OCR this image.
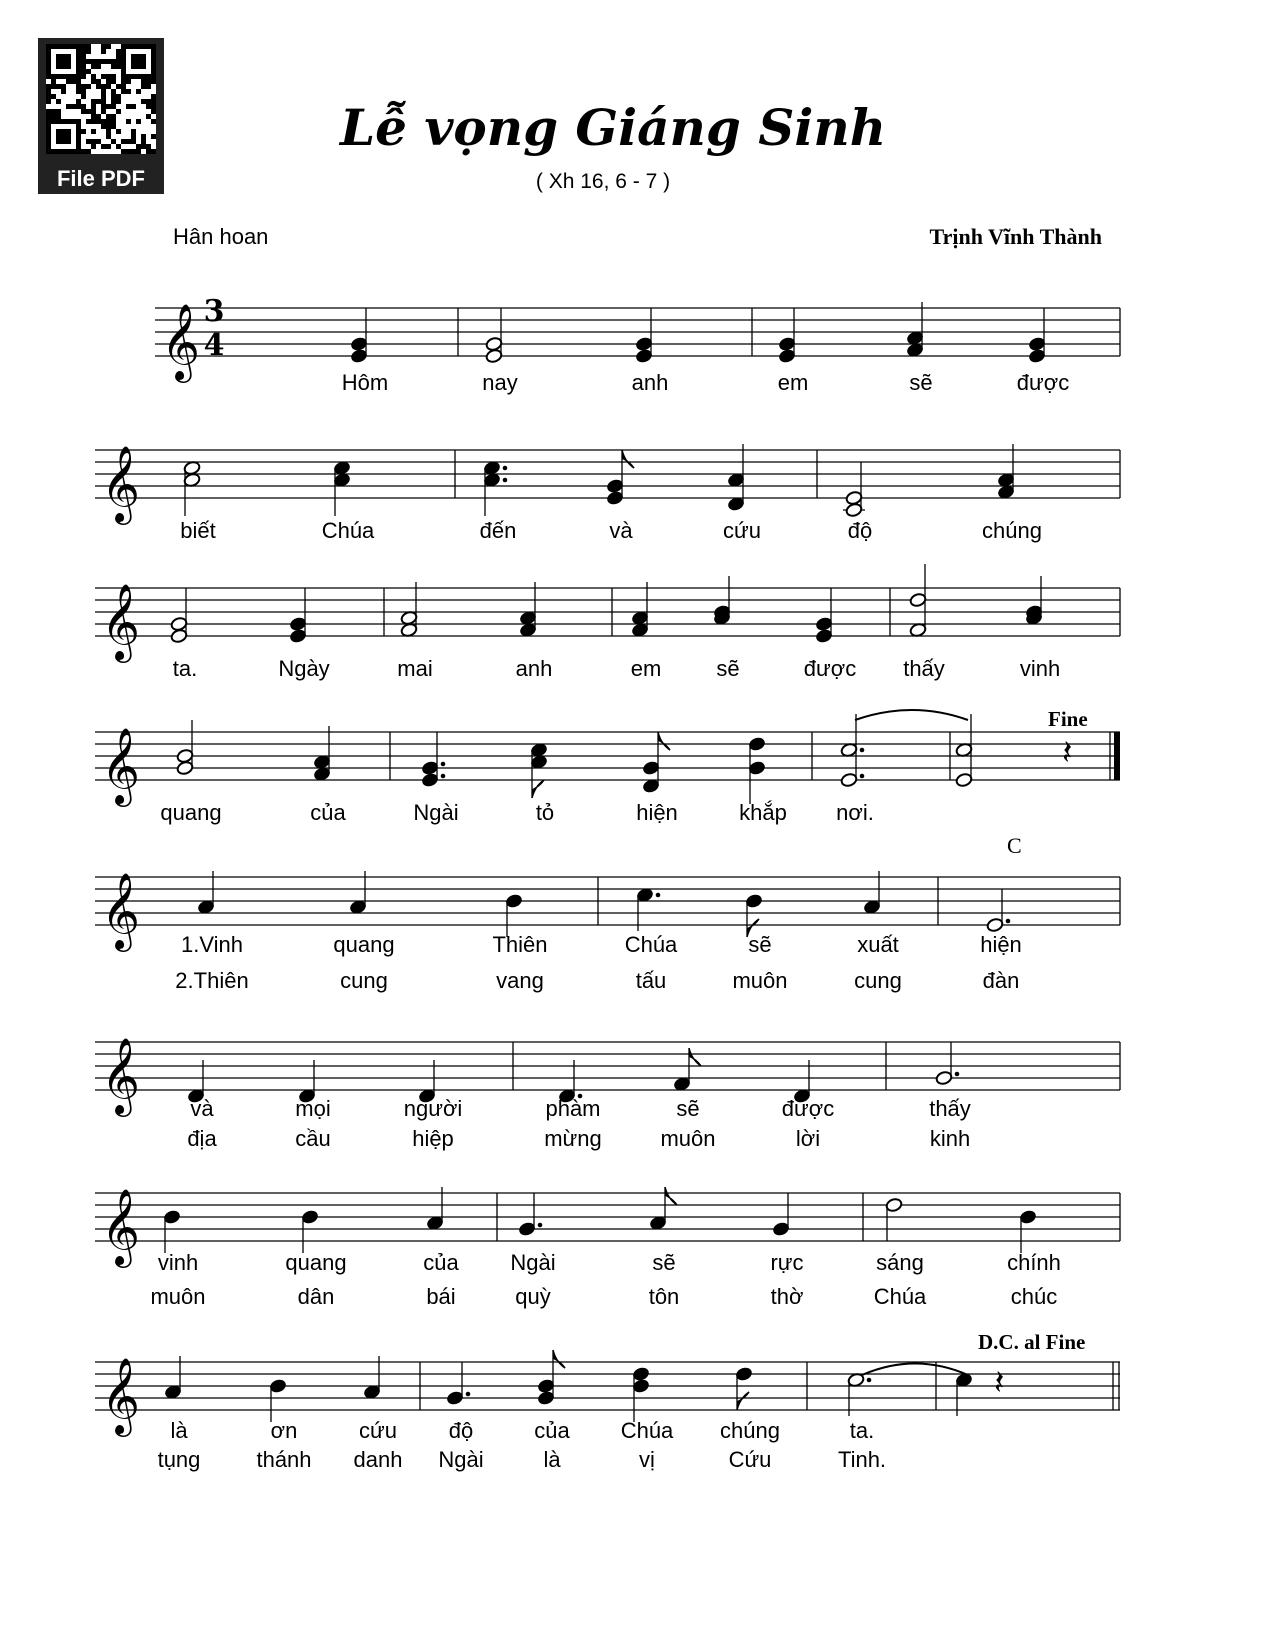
File PDF
Lễ vọng Giáng Sinh
( Xh 16, 6 - 7 )
Hân hoan	Trịnh Vĩnh Thành
Fine
C
D.C. al Fine
3
4
𝄞
𝄞
𝄞
𝄞	𝄽
𝄞
𝄞
𝄞
𝄞	𝄽
Hôm	nay	anh	em	sẽ	được
biết	Chúa	đến	và	cứu	độ	chúng
ta.	Ngày	mai	anh	em	sẽ	được thấy	vinh
quang	của	Ngài	tỏ	hiện	khắp nơi.
1.Vinh	quang	Thiên	Chúa	sẽ	xuất	hiện
2.Thiên	cung	vang	tấu	muôn	cung	đàn
và	mọi	người	phàm	sẽ	được	thấy
địa	cầu	hiệp	mừng	muôn	lời	kinh
vinh	quang	của Ngài	sẽ	rực	sáng	chính
muôn	dân	bái	quỳ	tôn	thờ	Chúa	chúc
là	ơn	cứu độ	của Chúa chúng	ta.
tụng	thánh danh Ngài	là	vị	Cứu	Tinh.
